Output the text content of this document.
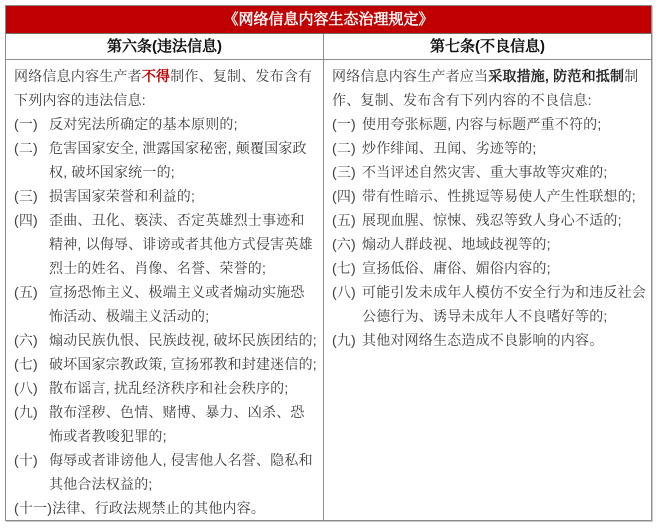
《网络信息内容生态治理规定》
第六条(违法信息)	第七条(不良信息)
网络信息内容生产者不得制作、复制、发布含有下列内容的违法信息:
(一) 反对宪法所确定的基本原则的;
(二) 危害国家安全, 泄露国家秘密, 颠覆国家政权, 破坏国家统一的;
(三) 损害国家荣誉和利益的;
(四) 歪曲、丑化、亵渎、否定英雄烈士事迹和精神, 以侮辱、诽谤或者其他方式侵害英雄烈士的姓名、肖像、名誉、荣誉的;
(五) 宣扬恐怖主义、极端主义或者煽动实施恐怖活动、极端主义活动的;
(六) 煽动民族仇恨、民族歧视, 破坏民族团结的;
(七) 破坏国家宗教政策, 宣扬邪教和封建迷信的;
(八) 散布谣言, 扰乱经济秩序和社会秩序的;
(九) 散布淫秽、色情、赌博、暴力、凶杀、恐怖或者教唆犯罪的;
(十) 侮辱或者诽谤他人, 侵害他人名誉、隐私和其他合法权益的;
(十一) 法律、行政法规禁止的其他内容。
网络信息内容生产者应当采取措施, 防范和抵制制作、复制、发布含有下列内容的不良信息:
(一) 使用夸张标题, 内容与标题严重不符的;
(二) 炒作绯闻、丑闻、劣迹等的;
(三) 不当评述自然灾害、重大事故等灾难的;
(四) 带有性暗示、性挑逗等易使人产生性联想的;
(五) 展现血腥、惊悚、残忍等致人身心不适的;
(六) 煽动人群歧视、地域歧视等的;
(七) 宣扬低俗、庸俗、媚俗内容的;
(八) 可能引发未成年人模仿不安全行为和违反社会公德行为、诱导未成年人不良嗜好等的;
(九) 其他对网络生态造成不良影响的内容。
